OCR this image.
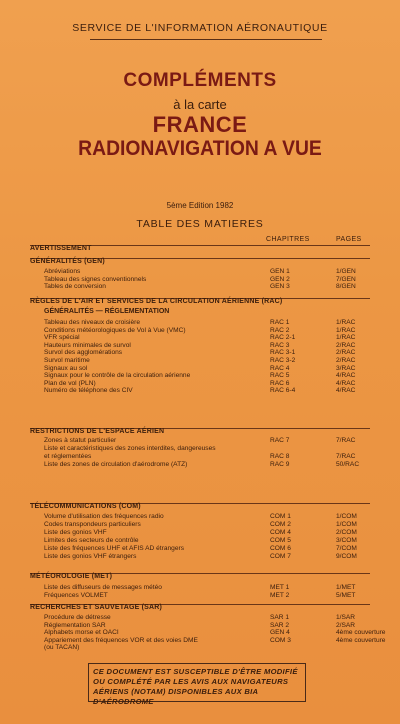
SERVICE DE L'INFORMATION AÉRONAUTIQUE
COMPLÉMENTS
à la carte
FRANCE
RADIONAVIGATION A VUE
5ème Edition 1982
TABLE DES MATIERES
CHAPITRES	PAGES
AVERTISSEMENT
GÉNÉRALITÉS (GEN)
Abréviations	GEN 1	1/GEN
Tableau des signes conventionnels	GEN 2	7/GEN
Tables de conversion	GEN 3	8/GEN
RÈGLES DE L'AIR ET SERVICES DE LA CIRCULATION AÉRIENNE (RAC)
GÉNÉRALITÉS — RÉGLEMENTATION
Tableau des niveaux de croisière	RAC 1	1/RAC
Conditions météorologiques de Vol à Vue (VMC)	RAC 2	1/RAC
VFR spécial	RAC 2-1	1/RAC
Hauteurs minimales de survol	RAC 3	2/RAC
Survol des agglomérations	RAC 3-1	2/RAC
Survol maritime	RAC 3-2	2/RAC
Signaux au sol	RAC 4	3/RAC
Signaux pour le contrôle de la circulation aérienne	RAC 5	4/RAC
Plan de vol (PLN)	RAC 6	4/RAC
Numéro de téléphone des CIV	RAC 6-4	4/RAC
RESTRICTIONS DE L'ESPACE AÉRIEN
Zones à statut particulier	RAC 7	7/RAC
Liste et caractéristiques des zones interdites, dangereuses
et réglementées	RAC 8	7/RAC
Liste des zones de circulation d'aérodrome (ATZ)	RAC 9	50/RAC
TÉLÉCOMMUNICATIONS (COM)
Volume d'utilisation des fréquences radio	COM 1	1/COM
Codes transpondeurs particuliers	COM 2	1/COM
Liste des gonios VHF	COM 4	2/COM
Limites des secteurs de contrôle	COM 5	3/COM
Liste des fréquences UHF et AFIS AD étrangers	COM 6	7/COM
Liste des gonios VHF étrangers	COM 7	9/COM
MÉTÉOROLOGIE (MET)
Liste des diffuseurs de messages météo	MET 1	1/MET
Fréquences VOLMET	MET 2	5/MET
RECHERCHES ET SAUVETAGE (SAR)
Procédure de détresse	SAR 1	1/SAR
Réglementation SAR	SAR 2	2/SAR
Alphabets morse et OACI	GEN 4	4ème couverture
Appariement des fréquences VOR et des voies DME	COM 3	4ème couverture
(ou TACAN)
CE DOCUMENT EST SUSCEPTIBLE D'ÊTRE MODIFIÉ OU COMPLÉTÉ PAR LES AVIS AUX NAVIGATEURS AÉRIENS (NOTAM) DISPONIBLES AUX BIA D'AÉRODROME
